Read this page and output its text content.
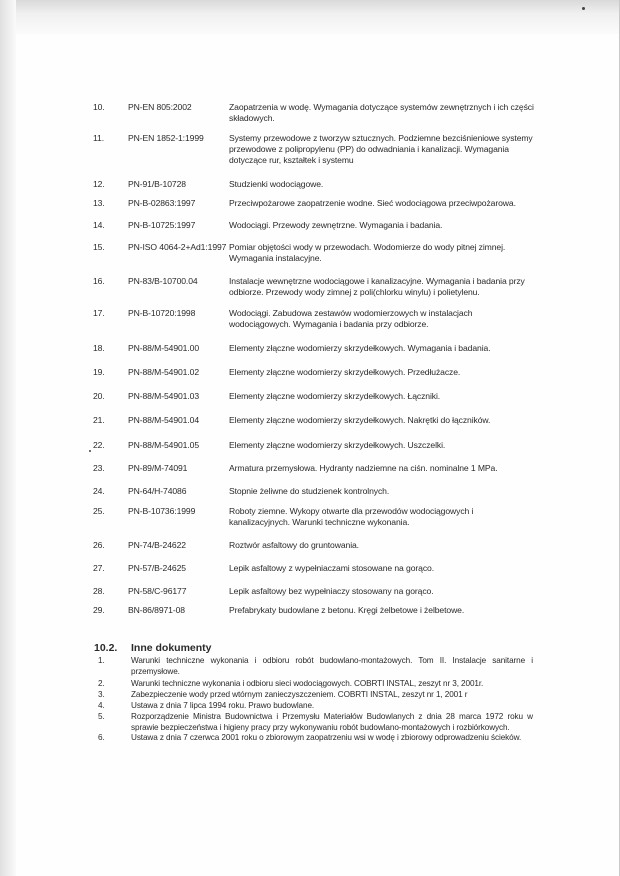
10.	PN-EN 805:2002	Zaopatrzenia w wodę. Wymagania dotyczące systemów zewnętrznych i ich części składowych.
11.	PN-EN 1852-1:1999	Systemy przewodowe z tworzyw sztucznych. Podziemne bezciśnieniowe systemy przewodowe z polipropylenu (PP) do odwadniania i kanalizacji. Wymagania dotyczące rur, kształtek i systemu
12.	PN-91/B-10728	Studzienki wodociągowe.
13.	PN-B-02863:1997	Przeciwpożarowe zaopatrzenie wodne. Sieć wodociągowa przeciwpożarowa.
14.	PN-B-10725:1997	Wodociągi. Przewody zewnętrzne. Wymagania i badania.
15.	PN-ISO 4064-2+Ad1:1997 Pomiar objętości wody w przewodach. Wodomierze do wody pitnej zimnej. Wymagania instalacyjne.
16.	PN-83/B-10700.04	Instalacje wewnętrzne wodociągowe i kanalizacyjne. Wymagania i badania przy odbiorze. Przewody wody zimnej z poli(chlorku winylu) i polietylenu.
17.	PN-B-10720:1998	Wodociągi. Zabudowa zestawów wodomierzowych w instalacjach wodociągowych. Wymagania i badania przy odbiorze.
18.	PN-88/M-54901.00	Elementy złączne wodomierzy skrzydełkowych. Wymagania i badania.
19.	PN-88/M-54901.02	Elementy złączne wodomierzy skrzydełkowych. Przedłużacze.
20.	PN-88/M-54901.03	Elementy złączne wodomierzy skrzydełkowych. Łączniki.
21.	PN-88/M-54901.04	Elementy złączne wodomierzy skrzydełkowych. Nakrętki do łączników.
22.	PN-88/M-54901.05	Elementy złączne wodomierzy skrzydełkowych. Uszczelki.
23.	PN-89/M-74091	Armatura przemysłowa. Hydranty nadziemne na ciśn. nominalne 1 MPa.
24.	PN-64/H-74086	Stopnie żeliwne do studzienek kontrolnych.
25.	PN-B-10736:1999	Roboty ziemne. Wykopy otwarte dla przewodów wodociągowych i kanalizacyjnych. Warunki techniczne wykonania.
26.	PN-74/B-24622	Roztwór asfaltowy do gruntowania.
27.	PN-57/B-24625	Lepik asfaltowy z wypełniaczami stosowane na gorąco.
28.	PN-58/C-96177	Lepik asfaltowy bez wypełniaczy stosowany na gorąco.
29.	BN-86/8971-08	Prefabrykaty budowlane z betonu. Kręgi żelbetowe i żelbetowe.
10.2. Inne dokumenty
1.	Warunki techniczne wykonania i odbioru robót budowlano-montażowych. Tom II. Instalacje sanitarne i przemysłowe.
2.	Warunki techniczne wykonania i odbioru sieci wodociągowych. COBRTI INSTAL, zeszyt nr 3, 2001r.
3.	Zabezpieczenie wody przed wtórnym zanieczyszczeniem. COBRTI INSTAL, zeszyt nr 1, 2001 r
4.	Ustawa z dnia 7 lipca 1994 roku. Prawo budowlane.
5.	Rozporządzenie Ministra Budownictwa i Przemysłu Materiałów Budowlanych z dnia 28 marca 1972 roku w sprawie bezpieczeństwa i higieny pracy przy wykonywaniu robót budowlano-montażowych i rozbiórkowych.
6.	Ustawa z dnia 7 czerwca 2001 roku o zbiorowym zaopatrzeniu wsi w wodę i zbiorowy odprowadzeniu ścieków.
